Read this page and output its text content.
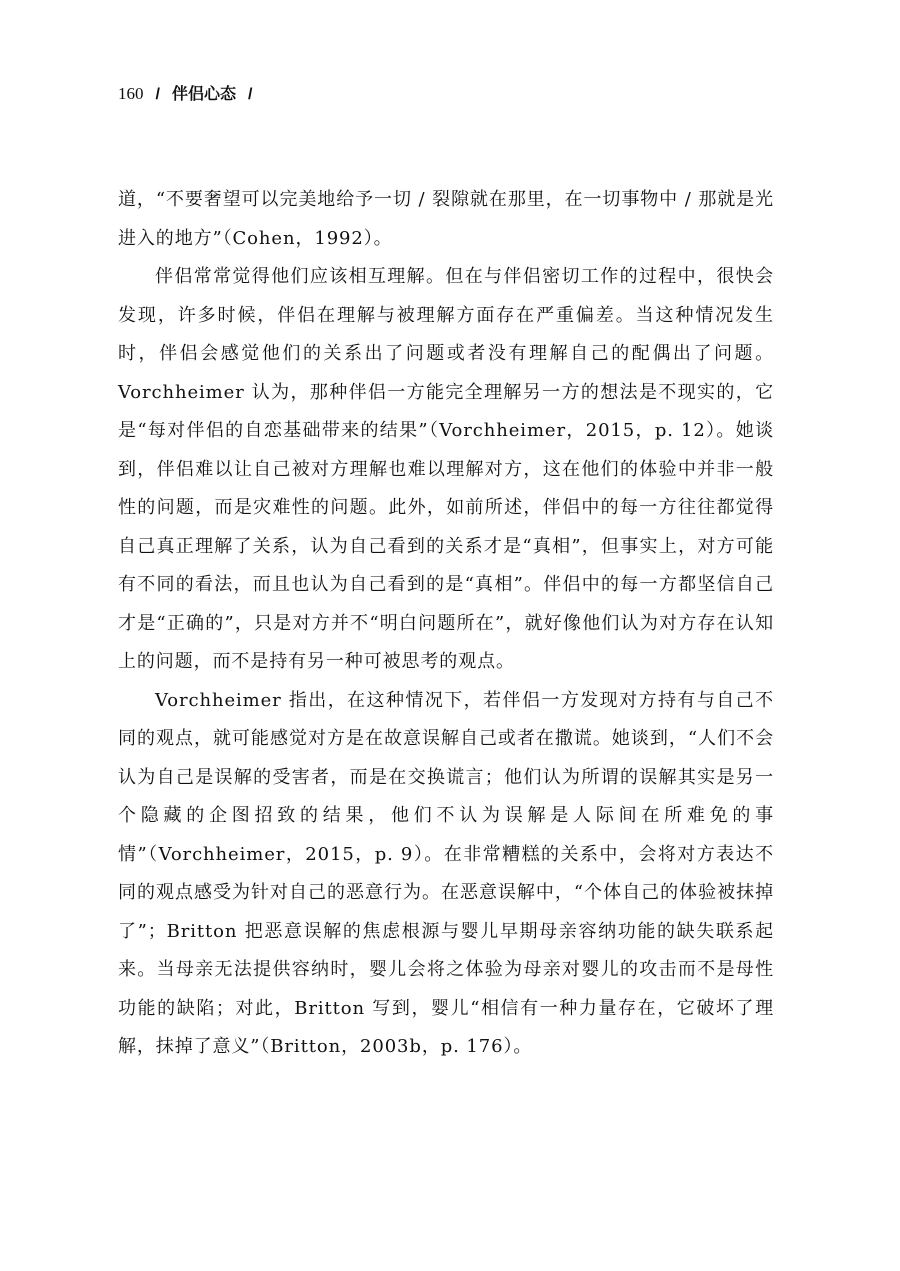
160 / 伴侣心态 /

道，“不要奢望可以完美地给予一切 / 裂隙就在那里，在一切事物中 / 那就是光进入的地方”（Cohen，1992）。

伴侣常常觉得他们应该相互理解。但在与伴侣密切工作的过程中，很快会发现，许多时候，伴侣在理解与被理解方面存在严重偏差。当这种情况发生时，伴侣会感觉他们的关系出了问题或者没有理解自己的配偶出了问题。Vorchheimer 认为，那种伴侣一方能完全理解另一方的想法是不现实的，它是“每对伴侣的自恋基础带来的结果”（Vorchheimer，2015，p. 12）。她谈到，伴侣难以让自己被对方理解也难以理解对方，这在他们的体验中并非一般性的问题，而是灾难性的问题。此外，如前所述，伴侣中的每一方往往都觉得自己真正理解了关系，认为自己看到的关系才是“真相”，但事实上，对方可能有不同的看法，而且也认为自己看到的是“真相”。伴侣中的每一方都坚信自己才是“正确的”，只是对方并不“明白问题所在”，就好像他们认为对方存在认知上的问题，而不是持有另一种可被思考的观点。

Vorchheimer 指出，在这种情况下，若伴侣一方发现对方持有与自己不同的观点，就可能感觉对方是在故意误解自己或者在撒谎。她谈到，“人们不会认为自己是误解的受害者，而是在交换谎言；他们认为所谓的误解其实是另一个隐藏的企图招致的结果，他们不认为误解是人际间在所难免的事情”（Vorchheimer，2015，p. 9）。在非常糟糕的关系中，会将对方表达不同的观点感受为针对自己的恶意行为。在恶意误解中，“个体自己的体验被抹掉了”；Britton 把恶意误解的焦虑根源与婴儿早期母亲容纳功能的缺失联系起来。当母亲无法提供容纳时，婴儿会将之体验为母亲对婴儿的攻击而不是母性功能的缺陷；对此，Britton 写到，婴儿“相信有一种力量存在，它破坏了理解，抹掉了意义”（Britton，2003b，p. 176）。
